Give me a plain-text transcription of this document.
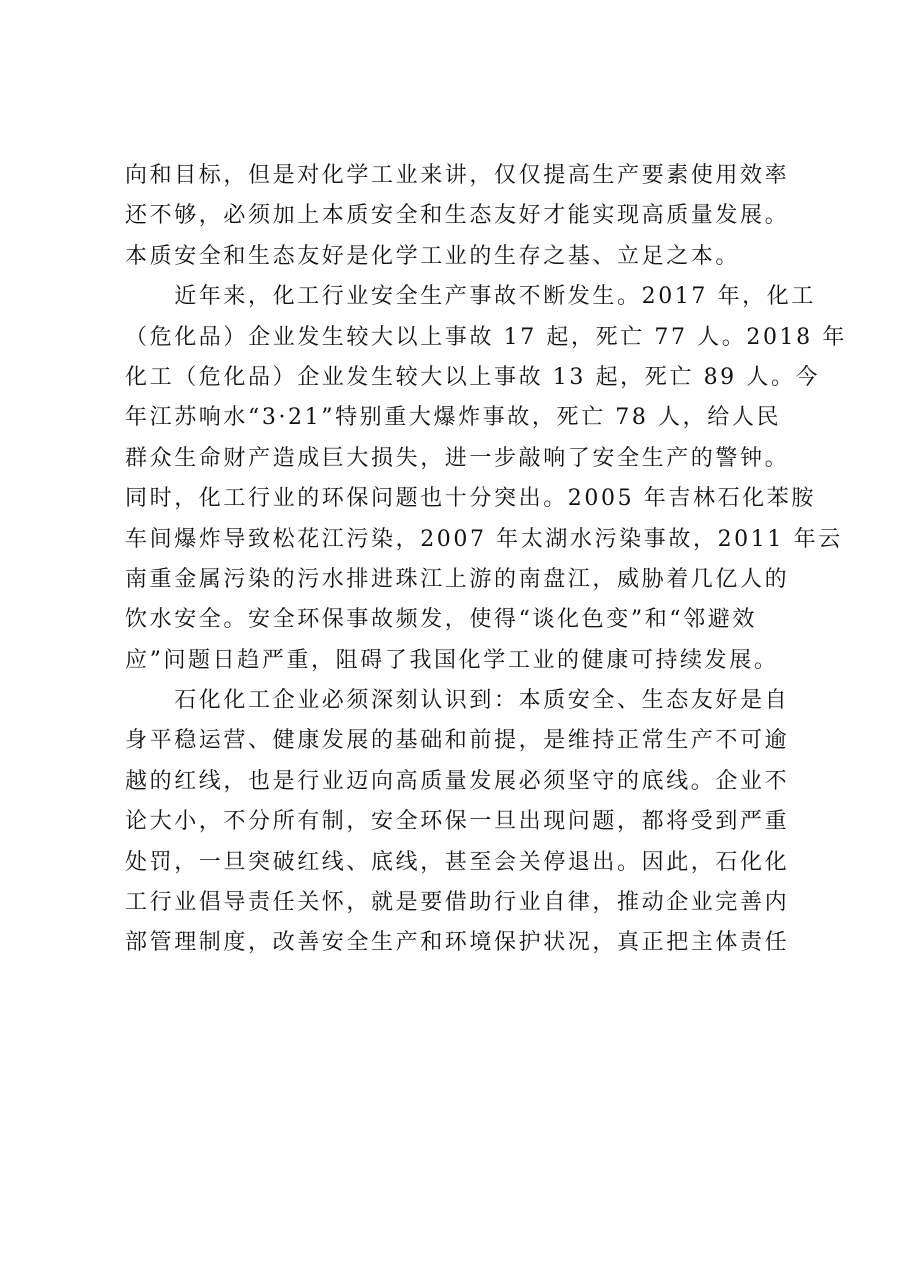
向和目标，但是对化学工业来讲，仅仅提高生产要素使用效率
还不够，必须加上本质安全和生态友好才能实现高质量发展。
本质安全和生态友好是化学工业的生存之基、立足之本。
　　近年来，化工行业安全生产事故不断发生。2017 年，化工
（危化品）企业发生较大以上事故 17 起，死亡 77 人。2018 年
化工（危化品）企业发生较大以上事故 13 起，死亡 89 人。今
年江苏响水“3·21”特别重大爆炸事故，死亡 78 人，给人民
群众生命财产造成巨大损失，进一步敲响了安全生产的警钟。
同时，化工行业的环保问题也十分突出。2005 年吉林石化苯胺
车间爆炸导致松花江污染，2007 年太湖水污染事故，2011 年云
南重金属污染的污水排进珠江上游的南盘江，威胁着几亿人的
饮水安全。安全环保事故频发，使得“谈化色变”和“邻避效
应”问题日趋严重，阻碍了我国化学工业的健康可持续发展。
　　石化化工企业必须深刻认识到：本质安全、生态友好是自
身平稳运营、健康发展的基础和前提，是维持正常生产不可逾
越的红线，也是行业迈向高质量发展必须坚守的底线。企业不
论大小，不分所有制，安全环保一旦出现问题，都将受到严重
处罚，一旦突破红线、底线，甚至会关停退出。因此，石化化
工行业倡导责任关怀，就是要借助行业自律，推动企业完善内
部管理制度，改善安全生产和环境保护状况，真正把主体责任
